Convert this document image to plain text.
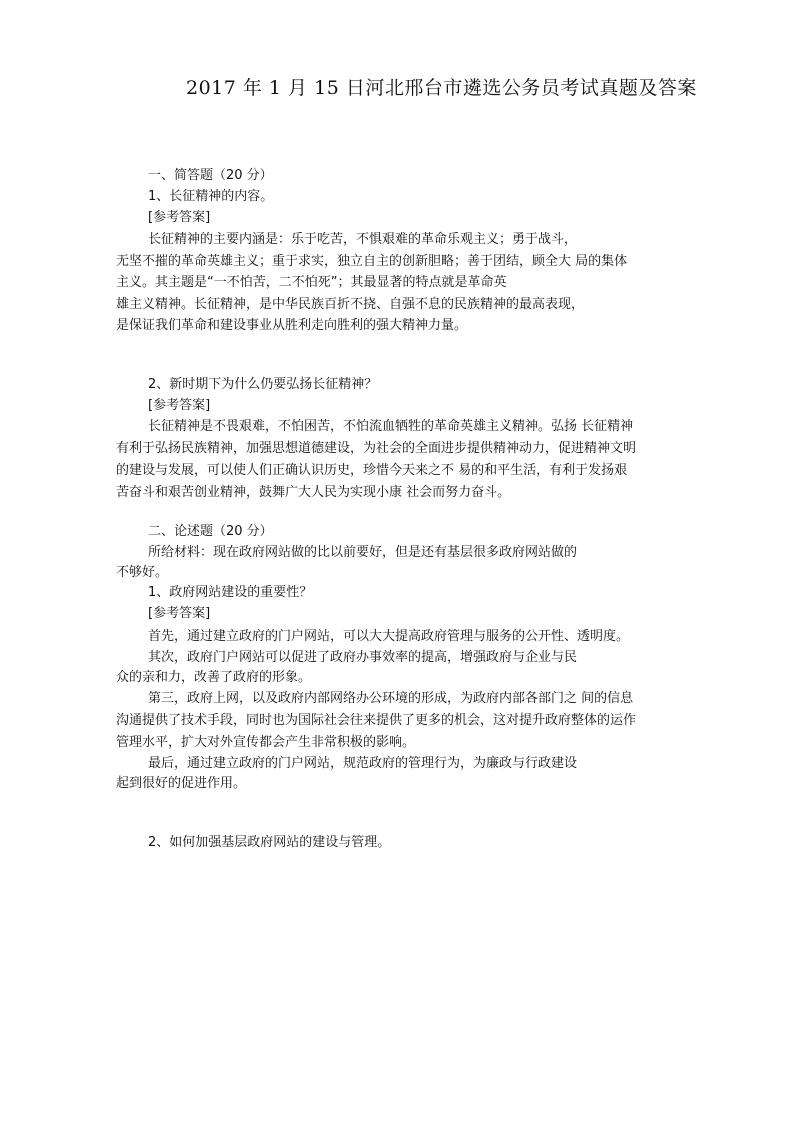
2017 年 1 月 15 日河北邢台市遴选公务员考试真题及答案
一、简答题（20 分）
1、长征精神的内容。
[参考答案]
长征精神的主要内涵是：乐于吃苦，不惧艰难的革命乐观主义；勇于战斗，
无坚不摧的革命英雄主义；重于求实，独立自主的创新胆略；善于团结，顾全大 局的集体
主义。其主题是“一不怕苦，二不怕死”；其最显著的特点就是革命英
雄主义精神。长征精神，是中华民族百折不挠、自强不息的民族精神的最高表现，
是保证我们革命和建设事业从胜利走向胜利的强大精神力量。
2、新时期下为什么仍要弘扬长征精神？
[参考答案]
长征精神是不畏艰难，不怕困苦，不怕流血牺牲的革命英雄主义精神。弘扬 长征精神
有利于弘扬民族精神，加强思想道德建设，为社会的全面进步提供精神动力，促进精神文明
的建设与发展，可以使人们正确认识历史，珍惜今天来之不 易的和平生活，有利于发扬艰
苦奋斗和艰苦创业精神，鼓舞广大人民为实现小康 社会而努力奋斗。
二、论述题（20 分）
所给材料：现在政府网站做的比以前要好，但是还有基层很多政府网站做的
不够好。
1、政府网站建设的重要性？
[参考答案]
首先，通过建立政府的门户网站，可以大大提高政府管理与服务的公开性、透明度。
其次，政府门户网站可以促进了政府办事效率的提高，增强政府与企业与民
众的亲和力，改善了政府的形象。
第三，政府上网，以及政府内部网络办公环境的形成，为政府内部各部门之 间的信息
沟通提供了技术手段，同时也为国际社会往来提供了更多的机会，这对提升政府整体的运作
管理水平，扩大对外宣传都会产生非常积极的影响。
最后，通过建立政府的门户网站，规范政府的管理行为，为廉政与行政建设
起到很好的促进作用。
2、如何加强基层政府网站的建设与管理。
